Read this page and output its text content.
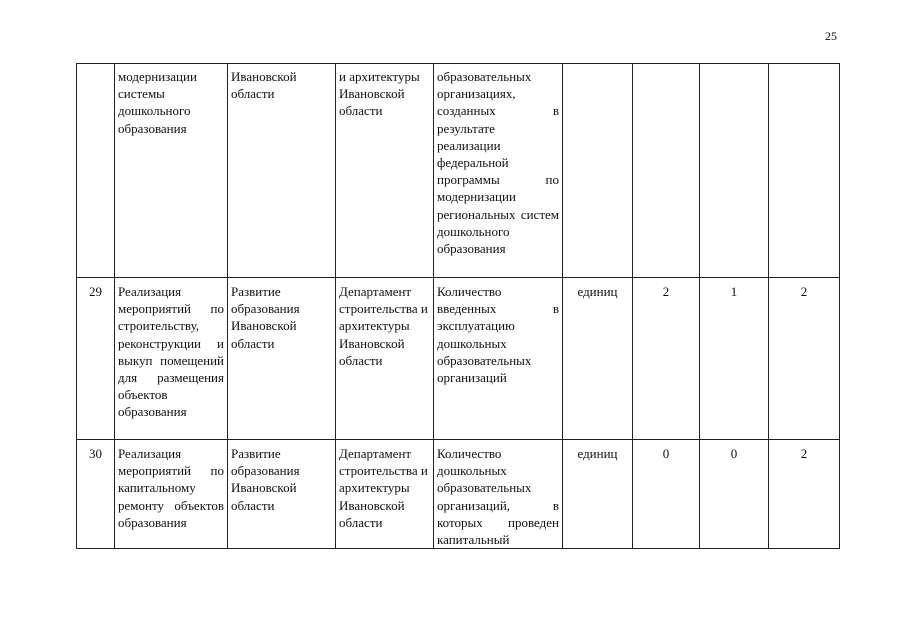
25
	модернизации системы дошкольного образования	Ивановской области	и архитектуры Ивановской области	образовательных организациях, созданных в результате реализации федеральной программы по модернизации региональных систем дошкольного образования				
29	Реализация мероприятий по строительству, реконструкции и выкуп помещений для размещения объектов образования	Развитие образования Ивановской области	Департамент строительства и архитектуры Ивановской области	Количество введенных в эксплуатацию дошкольных образовательных организаций	единиц	2	1	2
30	Реализация мероприятий по капитальному ремонту объектов образования	Развитие образования Ивановской области	Департамент строительства и архитектуры Ивановской области	Количество дошкольных образовательных организаций, в которых проведен капитальный	единиц	0	0	2
